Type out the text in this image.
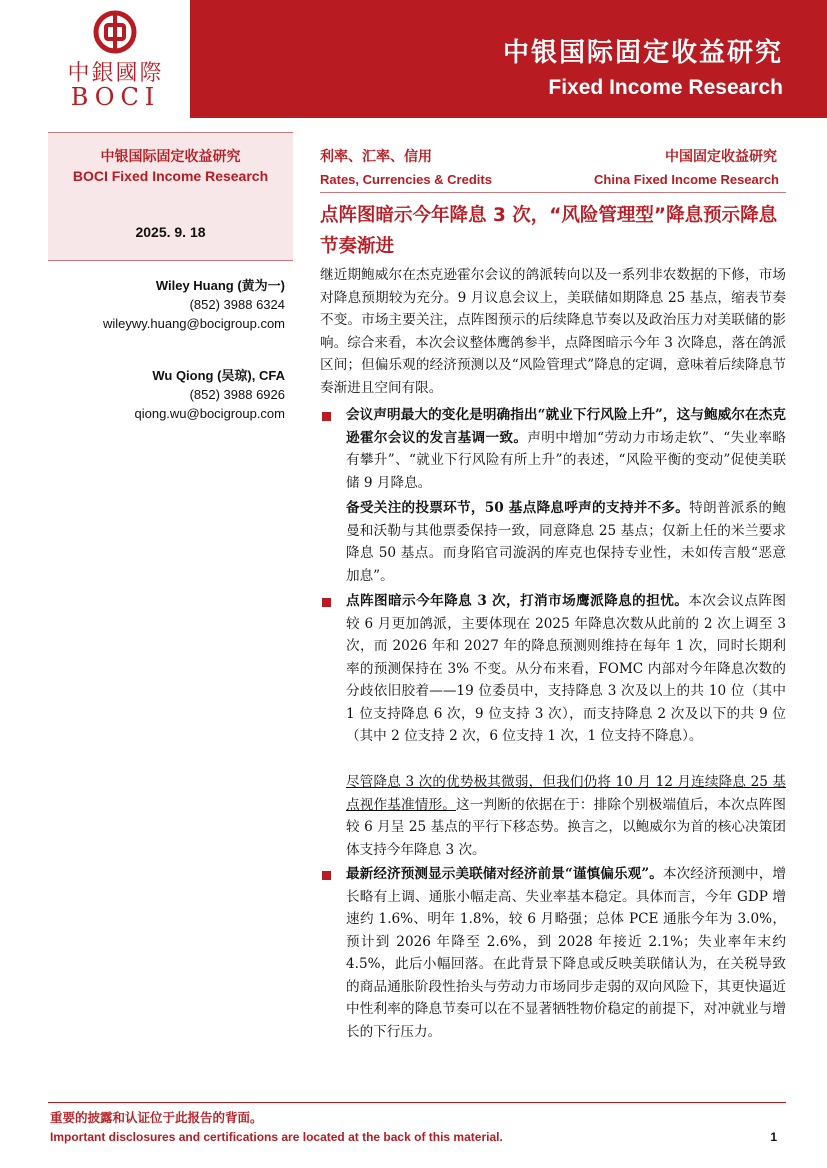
中銀國際
BOCI
中银国际固定收益研究
Fixed Income Research
中银国际固定收益研究
BOCI Fixed Income Research
2025. 9. 18
Wiley Huang (黄为一)
(852) 3988 6324
wileywy.huang@bocigroup.com
Wu Qiong (吴琼), CFA
(852) 3988 6926
qiong.wu@bocigroup.com
利率、汇率、信用
Rates, Currencies & Credits
中国固定收益研究
China Fixed Income Research
点阵图暗示今年降息 3 次，“风险管理型”降息预示降息节奏渐进
继近期鲍威尔在杰克逊霍尔会议的鸽派转向以及一系列非农数据的下修，市场对降息预期较为充分。9 月议息会议上，美联储如期降息 25 基点，缩表节奏不变。市场主要关注，点阵图预示的后续降息节奏以及政治压力对美联储的影响。综合来看，本次会议整体鹰鸽参半，点降图暗示今年 3 次降息，落在鸽派区间；但偏乐观的经济预测以及“风险管理式”降息的定调，意味着后续降息节奏渐进且空间有限。
会议声明最大的变化是明确指出“就业下行风险上升”，这与鲍威尔在杰克逊霍尔会议的发言基调一致。声明中增加“劳动力市场走软”、“失业率略有攀升”、“就业下行风险有所上升”的表述，“风险平衡的变动”促使美联储 9 月降息。
备受关注的投票环节，50 基点降息呼声的支持并不多。特朗普派系的鲍曼和沃勒与其他票委保持一致，同意降息 25 基点；仅新上任的米兰要求降息 50 基点。而身陷官司漩涡的库克也保持专业性，未如传言般“恶意加息”。
点阵图暗示今年降息 3 次，打消市场鹰派降息的担忧。本次会议点阵图较 6 月更加鸽派，主要体现在 2025 年降息次数从此前的 2 次上调至 3 次，而 2026 年和 2027 年的降息预测则维持在每年 1 次，同时长期利率的预测保持在 3% 不变。从分布来看，FOMC 内部对今年降息次数的分歧依旧胶着——19 位委员中，支持降息 3 次及以上的共 10 位（其中 1 位支持降息 6 次，9 位支持 3 次），而支持降息 2 次及以下的共 9 位（其中 2 位支持 2 次，6 位支持 1 次，1 位支持不降息）。
尽管降息 3 次的优势极其微弱，但我们仍将 10 月 12 月连续降息 25 基点视作基准情形。这一判断的依据在于：排除个别极端值后，本次点阵图较 6 月呈 25 基点的平行下移态势。换言之，以鲍威尔为首的核心决策团体支持今年降息 3 次。
最新经济预测显示美联储对经济前景“谨慎偏乐观”。本次经济预测中，增长略有上调、通胀小幅走高、失业率基本稳定。具体而言，今年 GDP 增速约 1.6%、明年 1.8%，较 6 月略强；总体 PCE 通胀今年为 3.0%，预计到 2026 年降至 2.6%，到 2028 年接近 2.1%；失业率年末约 4.5%，此后小幅回落。在此背景下降息或反映美联储认为，在关税导致的商品通胀阶段性抬头与劳动力市场同步走弱的双向风险下，其更快逼近中性利率的降息节奏可以在不显著牺牲物价稳定的前提下，对冲就业与增长的下行压力。
重要的披露和认证位于此报告的背面。
Important disclosures and certifications are located at the back of this material.	1
